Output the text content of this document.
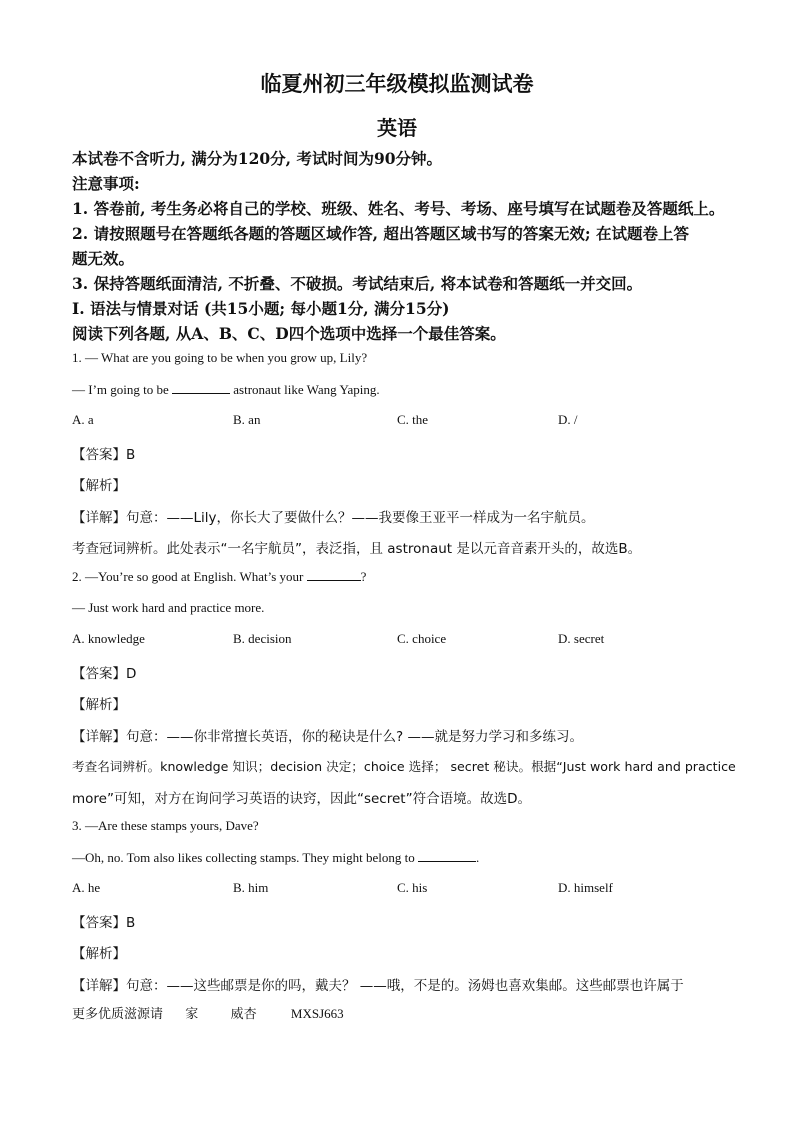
临夏州初三年级模拟监测试卷
英语
本试卷不含听力, 满分为120分, 考试时间为90分钟。
注意事项:
1. 答卷前, 考生务必将自己的学校、班级、姓名、考号、考场、座号填写在试题卷及答题纸上。
2. 请按照题号在答题纸各题的答题区域作答, 超出答题区域书写的答案无效; 在试题卷上答
题无效。
3. 保持答题纸面清洁, 不折叠、不破损。考试结束后, 将本试卷和答题纸一并交回。
I. 语法与情景对话 (共15小题; 每小题1分, 满分15分)
阅读下列各题, 从A、B、C、D四个选项中选择一个最佳答案。
1. — What are you going to be when you grow up, Lily?
— I’m going to be	astronaut like Wang Yaping.
A. a	B. an	C. the	D. /
【答案】B
【解析】
【详解】句意：——Lily，你长大了要做什么？——我要像王亚平一样成为一名宇航员。
考查冠词辨析。此处表示“一名宇航员”，表泛指，且 astronaut 是以元音音素开头的，故选B。
2. —You’re so good at English. What’s your	?
— Just work hard and practice more.
A. knowledge	B. decision	C. choice	D. secret
【答案】D
【解析】
【详解】句意：——你非常擅长英语，你的秘诀是什么? ——就是努力学习和多练习。
考查名词辨析。knowledge 知识；decision 决定；choice 选择； secret 秘诀。根据“Just work hard and practice
more”可知，对方在询问学习英语的诀窍，因此“secret”符合语境。故选D。
3. —Are these stamps yours, Dave?
—Oh, no. Tom also likes collecting stamps. They might belong to	.
A. he	B. him	C. his	D. himself
【答案】B
【解析】
【详解】句意：——这些邮票是你的吗，戴夫？ ——哦，不是的。汤姆也喜欢集邮。这些邮票也许属于
更多优质滋源请 家 威杏	MXSJ663
